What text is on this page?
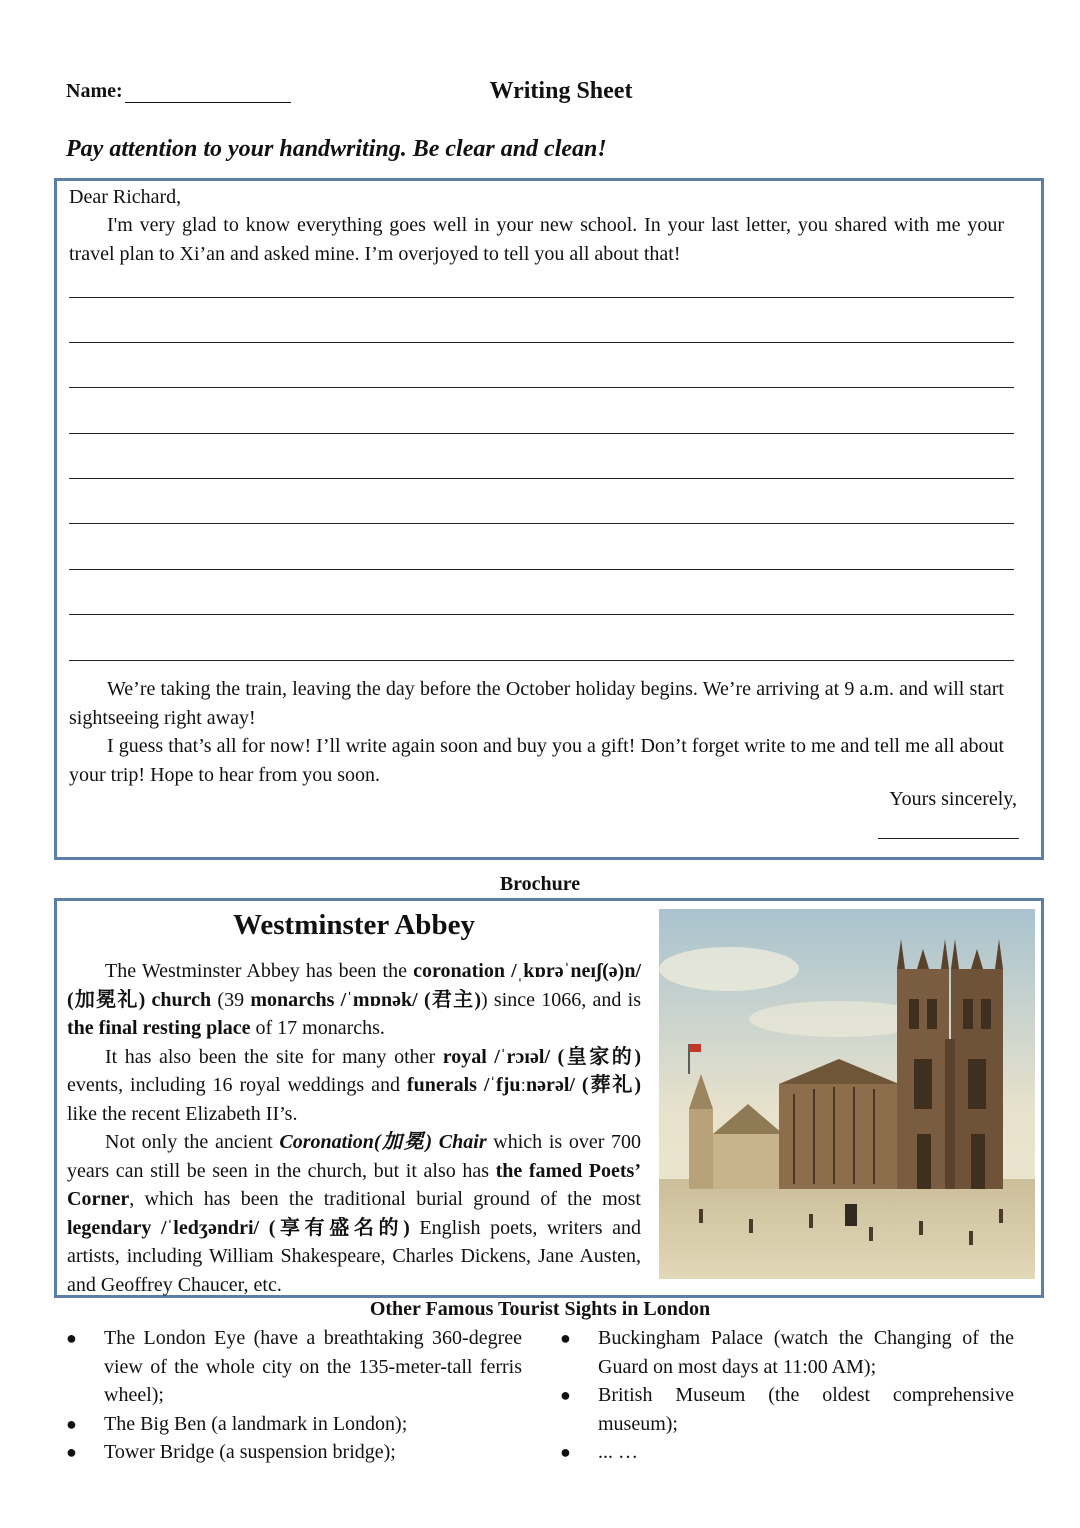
Name:	Writing Sheet
Pay attention to your handwriting. Be clear and clean!
Dear Richard,
I'm very glad to know everything goes well in your new school. In your last letter, you shared with me your travel plan to Xi’an and asked mine. I’m overjoyed to tell you all about that!
We’re taking the train, leaving the day before the October holiday begins. We’re arriving at 9 a.m. and will start sightseeing right away!
I guess that’s all for now! I’ll write again soon and buy you a gift! Don’t forget write to me and tell me all about your trip! Hope to hear from you soon.
Yours sincerely,
Brochure
Westminster Abbey

The Westminster Abbey has been the coronation /ˌkɒrəˈneɪʃ(ə)n/ (加冕礼) church (39 monarchs /ˈmɒnək/ (君主)) since 1066, and is the final resting place of 17 monarchs.

It has also been the site for many other royal /ˈrɔɪəl/ (皇家的) events, including 16 royal weddings and funerals /ˈfjuːnərəl/ (葬礼) like the recent Elizabeth II’s.

Not only the ancient Coronation(加冕) Chair which is over 700 years can still be seen in the church, but it also has the famed Poets’ Corner, which has been the traditional burial ground of the most legendary /ˈledʒəndri/ (享有盛名的) English poets, writers and artists, including William Shakespeare, Charles Dickens, Jane Austen, and Geoffrey Chaucer, etc.

Other Famous Tourist Sights in London
● The London Eye (have a breathtaking 360-degree view of the whole city on the 135-meter-tall ferris wheel);
● The Big Ben (a landmark in London);
● Tower Bridge (a suspension bridge);
● Buckingham Palace (watch the Changing of the Guard on most days at 11:00 AM);
● British Museum (the oldest comprehensive museum);
● ... …
